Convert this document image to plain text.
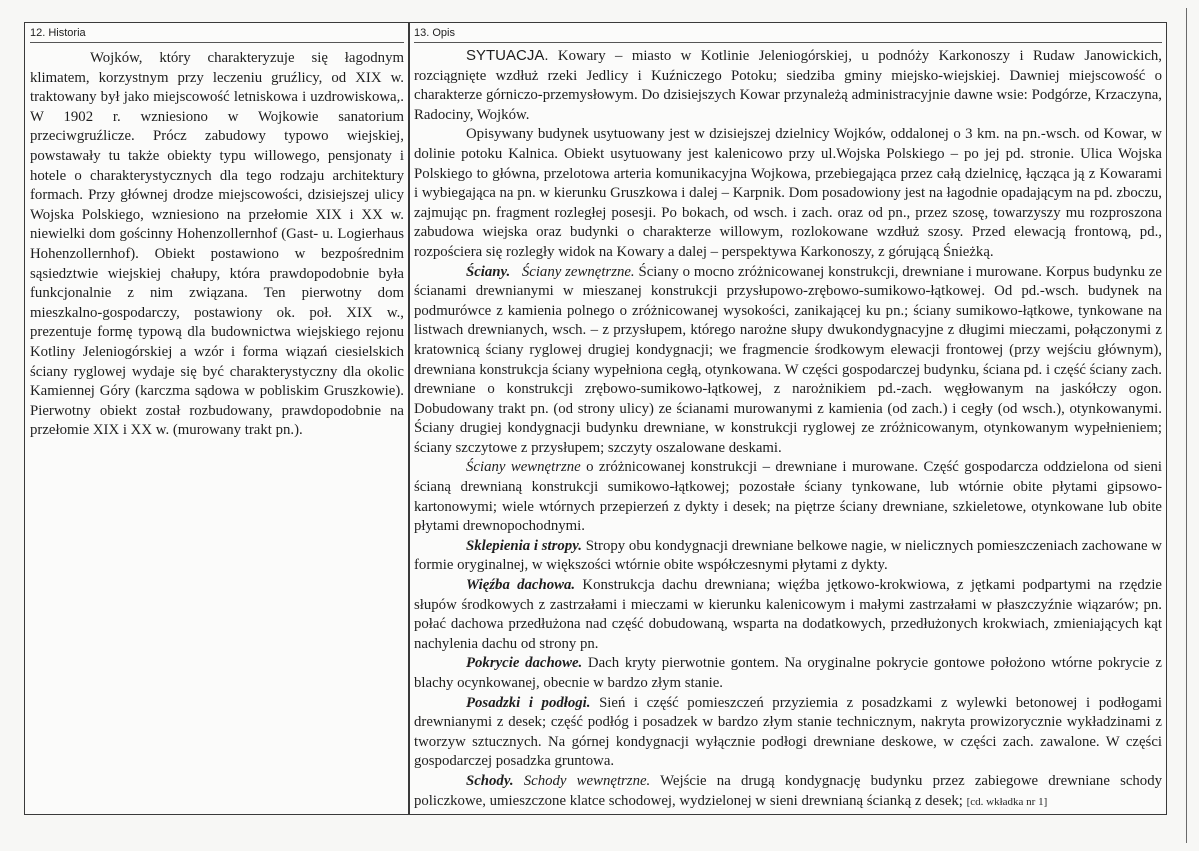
12. Historia

Wojków, który charakteryzuje się łagodnym klimatem, korzystnym przy leczeniu gruźlicy, od XIX w. traktowany był jako miejscowość letniskowa i uzdrowiskowa,. W 1902 r. wzniesiono w Wojkowie sanatorium przeciwgruźlicze. Prócz zabudowy typowo wiejskiej, powstawały tu także obiekty typu willowego, pensjonaty i hotele o charakterystycznych dla tego rodzaju architektury formach. Przy głównej drodze miejscowości, dzisiejszej ulicy Wojska Polskiego, wzniesiono na przełomie XIX i XX w. niewielki dom gościnny Hohenzollernhof (Gast- u. Logierhaus Hohenzollernhof). Obiekt postawiono w bezpośrednim sąsiedztwie wiejskiej chałupy, która prawdopodobnie była funkcjonalnie z nim związana. Ten pierwotny dom mieszkalno-gospodarczy, postawiony ok. poł. XIX w., prezentuje formę typową dla budownictwa wiejskiego rejonu Kotliny Jeleniogórskiej a wzór i forma wiązań ciesielskich ściany ryglowej wydaje się być charakterystyczny dla okolic Kamiennej Góry (karczma sądowa w pobliskim Gruszkowie). Pierwotny obiekt został rozbudowany, prawdopodobnie na przełomie XIX i XX w. (murowany trakt pn.).

13. Opis

SYTUACJA. Kowary – miasto w Kotlinie Jeleniogórskiej, u podnóży Karkonoszy i Rudaw Janowickich, rozciągnięte wzdłuż rzeki Jedlicy i Kuźniczego Potoku; siedziba gminy miejsko-wiejskiej. Dawniej miejscowość o charakterze górniczo-przemysłowym. Do dzisiejszych Kowar przynależą administracyjnie dawne wsie: Podgórze, Krzaczyna, Radociny, Wojków.

Opisywany budynek usytuowany jest w dzisiejszej dzielnicy Wojków, oddalonej o 3 km. na pn.-wsch. od Kowar, w dolinie potoku Kalnica. Obiekt usytuowany jest kalenicowo przy ul.Wojska Polskiego – po jej pd. stronie. Ulica Wojska Polskiego to główna, przelotowa arteria komunikacyjna Wojkowa, przebiegająca przez całą dzielnicę, łącząca ją z Kowarami i wybiegająca na pn. w kierunku Gruszkowa i dalej – Karpnik. Dom posadowiony jest na łagodnie opadającym na pd. zboczu, zajmując pn. fragment rozległej posesji. Po bokach, od wsch. i zach. oraz od pn., przez szosę, towarzyszy mu rozproszona zabudowa wiejska oraz budynki o charakterze willowym, rozlokowane wzdłuż szosy. Przed elewacją frontową, pd., rozpościera się rozległy widok na Kowary a dalej – perspektywa Karkonoszy, z górującą Śnieżką.

Ściany. Ściany zewnętrzne. Ściany o mocno zróżnicowanej konstrukcji, drewniane i murowane. Korpus budynku ze ścianami drewnianymi w mieszanej konstrukcji przysłupowo-zrębowo-sumikowo-łątkowej. Od pd.-wsch. budynek na podmurówce z kamienia polnego o zróżnicowanej wysokości, zanikającej ku pn.; ściany sumikowo-łątkowe, tynkowane na listwach drewnianych, wsch. – z przysłupem, którego narożne słupy dwukondygnacyjne z długimi mieczami, połączonymi z kratownicą ściany ryglowej drugiej kondygnacji; we fragmencie środkowym elewacji frontowej (przy wejściu głównym), drewniana konstrukcja ściany wypełniona cegłą, otynkowana. W części gospodarczej budynku, ściana pd. i część ściany zach. drewniane o konstrukcji zrębowo-sumikowo-łątkowej, z narożnikiem pd.-zach. węgłowanym na jaskółczy ogon. Dobudowany trakt pn. (od strony ulicy) ze ścianami murowanymi z kamienia (od zach.) i cegły (od wsch.), otynkowanymi. Ściany drugiej kondygnacji budynku drewniane, w konstrukcji ryglowej ze zróżnicowanym, otynkowanym wypełnieniem; ściany szczytowe z przysłupem; szczyty oszalowane deskami.

Ściany wewnętrzne o zróżnicowanej konstrukcji – drewniane i murowane. Część gospodarcza oddzielona od sieni ścianą drewnianą konstrukcji sumikowo-łątkowej; pozostałe ściany tynkowane, lub wtórnie obite płytami gipsowo-kartonowymi; wiele wtórnych przepierzeń z dykty i desek; na piętrze ściany drewniane, szkieletowe, otynkowane lub obite płytami drewnopochodnymi.

Sklepienia i stropy. Stropy obu kondygnacji drewniane belkowe nagie, w nielicznych pomieszczeniach zachowane w formie oryginalnej, w większości wtórnie obite współczesnymi płytami z dykty.

Więźba dachowa. Konstrukcja dachu drewniana; więźba jętkowo-krokwiowa, z jętkami podpartymi na rzędzie słupów środkowych z zastrzałami i mieczami w kierunku kalenicowym i małymi zastrzałami w płaszczyźnie wiązarów; pn. połać dachowa przedłużona nad część dobudowaną, wsparta na dodatkowych, przedłużonych krokwiach, zmieniających kąt nachylenia dachu od strony pn.

Pokrycie dachowe. Dach kryty pierwotnie gontem. Na oryginalne pokrycie gontowe położono wtórne pokrycie z blachy ocynkowanej, obecnie w bardzo złym stanie.

Posadzki i podłogi. Sień i część pomieszczeń przyziemia z posadzkami z wylewki betonowej i podłogami drewnianymi z desek; część podłóg i posadzek w bardzo złym stanie technicznym, nakryta prowizorycznie wykładzinami z tworzyw sztucznych. Na górnej kondygnacji wyłącznie podłogi drewniane deskowe, w części zach. zawalone. W części gospodarczej posadzka gruntowa.

Schody. Schody wewnętrzne. Wejście na drugą kondygnację budynku przez zabiegowe drewniane schody policzkowe, umieszczone klatce schodowej, wydzielonej w sieni drewnianą ścianką z desek; [cd. wkładka nr 1]
